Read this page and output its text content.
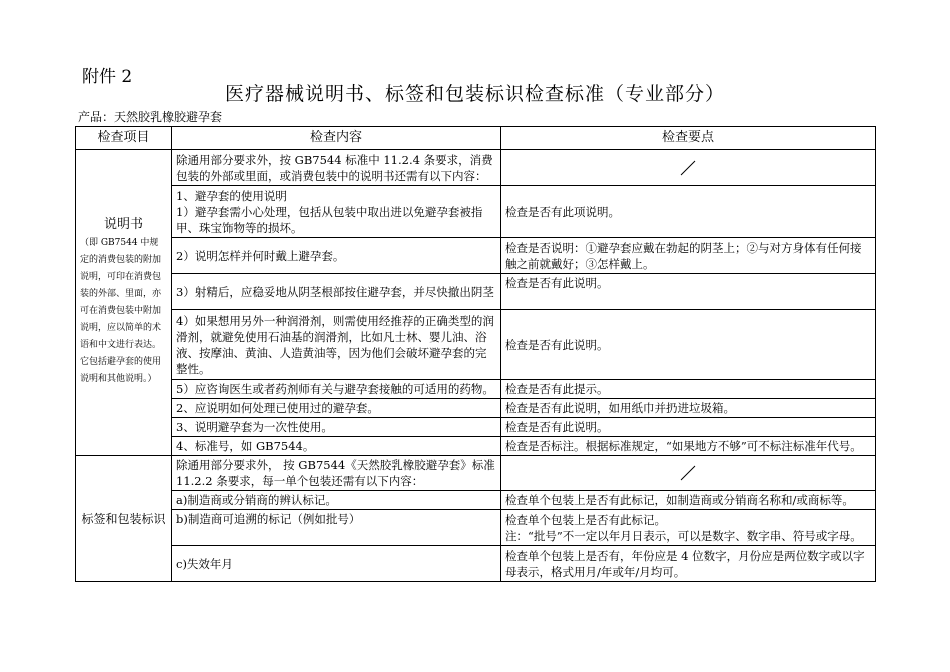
附件 2
医疗器械说明书、标签和包装标识检查标准（专业部分）
产品：天然胶乳橡胶避孕套
检查项目	检查内容	检查要点

说明书
（即 GB7544 中规定的消费包装的附加说明，可印在消费包装的外部、里面，亦可在消费包装中附加说明，应以简单的术语和中文进行表达。它包括避孕套的使用说明和其他说明。）	除通用部分要求外，按 GB7544 标准中 11.2.4 条要求，消费包装的外部或里面，或消费包装中的说明书还需有以下内容：	

	1、避孕套的使用说明
1）避孕套需小心处理，包括从包装中取出进以免避孕套被指甲、珠宝饰物等的损坏。	检查是否有此项说明。
	2）说明怎样并何时戴上避孕套。	检查是否说明：①避孕套应戴在勃起的阴茎上；②与对方身体有任何接触之前就戴好；③怎样戴上。
	3）射精后，应稳妥地从阴茎根部按住避孕套，并尽快撤出阴茎	检查是否有此说明。
	4）如果想用另外一种润滑剂，则需使用经推荐的正确类型的润滑剂，就避免使用石油基的润滑剂，比如凡士林、婴儿油、浴液、按摩油、黄油、人造黄油等，因为他们会破坏避孕套的完整性。	检查是否有此说明。
	5）应咨询医生或者药剂师有关与避孕套接触的可适用的药物。	检查是否有此提示。
	2、应说明如何处理已使用过的避孕套。	检查是否有此说明，如用纸巾并扔进垃圾箱。
	3、说明避孕套为一次性使用。	检查是否有此说明。
	4、标准号，如 GB7544。	检查是否标注。根据标准规定，“如果地方不够”可不标注标准年代号。
标签和包装标识	除通用部分要求外， 按 GB7544《天然胶乳橡胶避孕套》标准 11.2.2 条要求，每一单个包装还需有以下内容：	

	a)制造商或分销商的辨认标记。	检查单个包装上是否有此标记，如制造商或分销商名称和/或商标等。
	b)制造商可追溯的标记（例如批号）	检查单个包装上是否有此标记。
注：“批号”不一定以年月日表示，可以是数字、数字串、符号或字母。
	c)失效年月	检查单个包装上是否有，年份应是 4 位数字，月份应是两位数字或以字母表示，格式用月/年或年/月均可。
